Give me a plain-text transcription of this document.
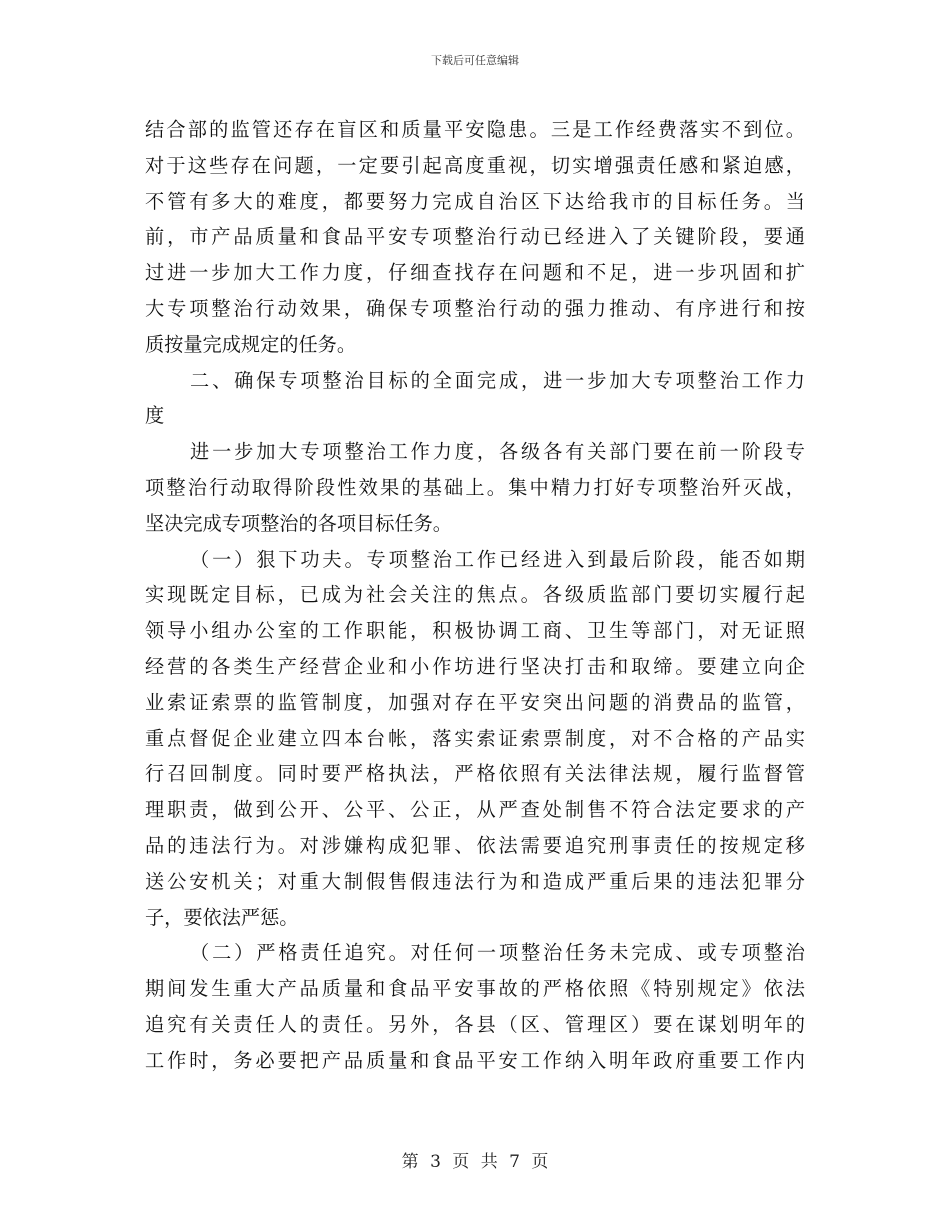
下载后可任意编辑
结合部的监管还存在盲区和质量平安隐患。三是工作经费落实不到位。
对于这些存在问题，一定要引起高度重视，切实增强责任感和紧迫感，
不管有多大的难度，都要努力完成自治区下达给我市的目标任务。当
前，市产品质量和食品平安专项整治行动已经进入了关键阶段，要通
过进一步加大工作力度，仔细查找存在问题和不足，进一步巩固和扩
大专项整治行动效果，确保专项整治行动的强力推动、有序进行和按
质按量完成规定的任务。
二、确保专项整治目标的全面完成，进一步加大专项整治工作力
度
进一步加大专项整治工作力度，各级各有关部门要在前一阶段专
项整治行动取得阶段性效果的基础上。集中精力打好专项整治歼灭战，
坚决完成专项整治的各项目标任务。
（一）狠下功夫。专项整治工作已经进入到最后阶段，能否如期
实现既定目标，已成为社会关注的焦点。各级质监部门要切实履行起
领导小组办公室的工作职能，积极协调工商、卫生等部门，对无证照
经营的各类生产经营企业和小作坊进行坚决打击和取缔。要建立向企
业索证索票的监管制度，加强对存在平安突出问题的消费品的监管，
重点督促企业建立四本台帐，落实索证索票制度，对不合格的产品实
行召回制度。同时要严格执法，严格依照有关法律法规，履行监督管
理职责，做到公开、公平、公正，从严查处制售不符合法定要求的产
品的违法行为。对涉嫌构成犯罪、依法需要追究刑事责任的按规定移
送公安机关；对重大制假售假违法行为和造成严重后果的违法犯罪分
子，要依法严惩。
（二）严格责任追究。对任何一项整治任务未完成、或专项整治
期间发生重大产品质量和食品平安事故的严格依照《特别规定》依法
追究有关责任人的责任。另外，各县（区、管理区）要在谋划明年的
工作时，务必要把产品质量和食品平安工作纳入明年政府重要工作内
第 3 页 共 7 页
